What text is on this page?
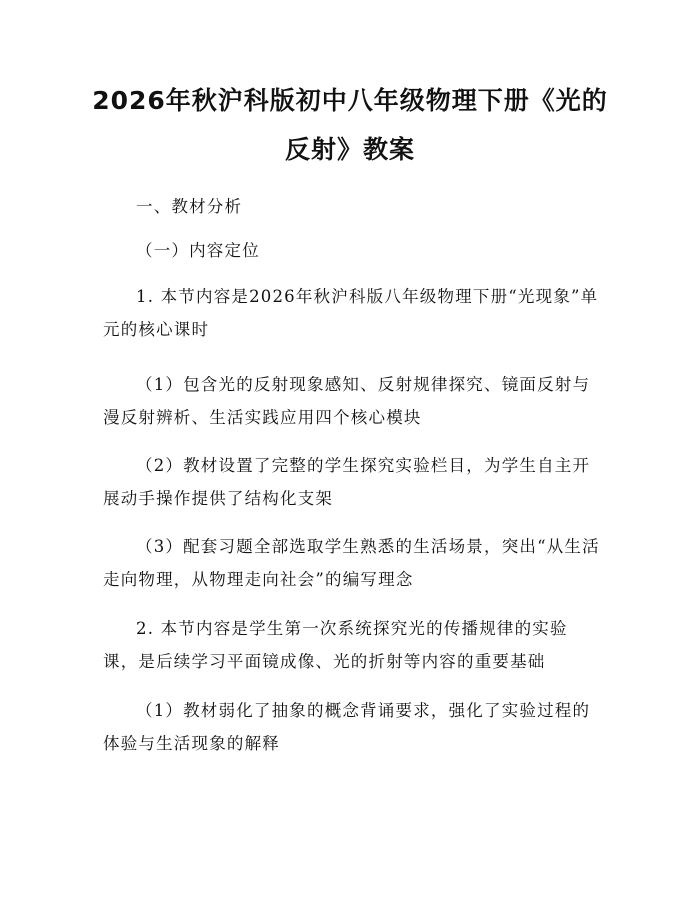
2026年秋沪科版初中八年级物理下册《光的
反射》教案

一、教材分析

（一）内容定位

1. 本节内容是2026年秋沪科版八年级物理下册“光现象”单元的核心课时

（1）包含光的反射现象感知、反射规律探究、镜面反射与漫反射辨析、生活实践应用四个核心模块

（2）教材设置了完整的学生探究实验栏目，为学生自主开展动手操作提供了结构化支架

（3）配套习题全部选取学生熟悉的生活场景，突出“从生活走向物理，从物理走向社会”的编写理念

2. 本节内容是学生第一次系统探究光的传播规律的实验课，是后续学习平面镜成像、光的折射等内容的重要基础

（1）教材弱化了抽象的概念背诵要求，强化了实验过程的体验与生活现象的解释
